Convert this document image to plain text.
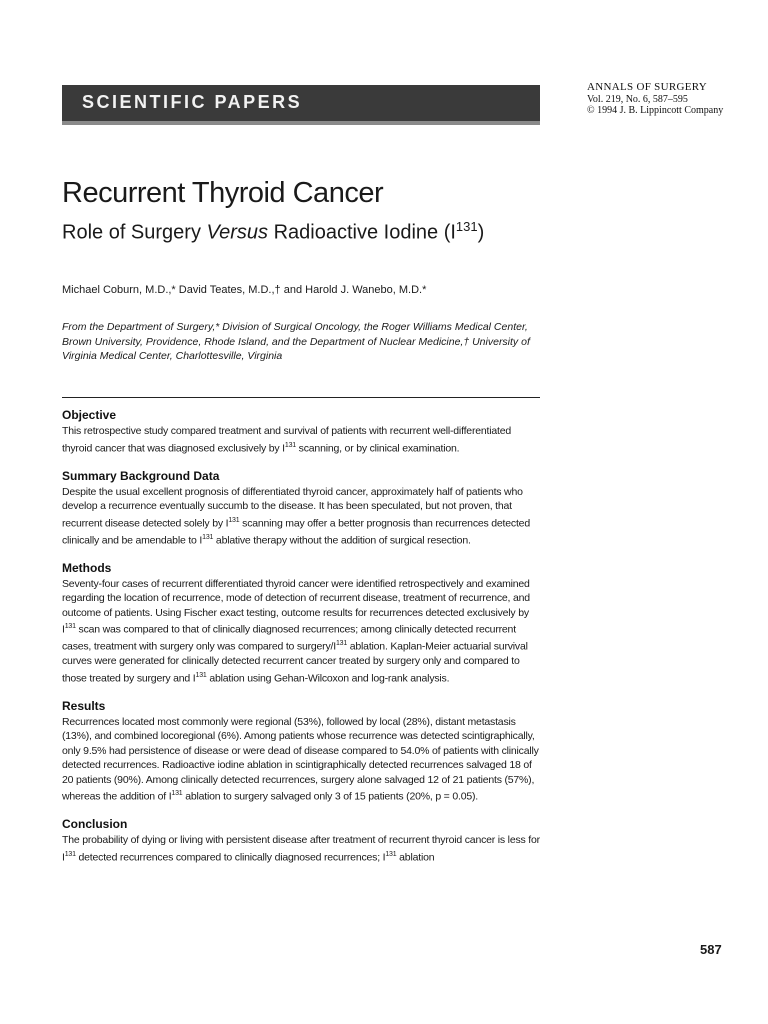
SCIENTIFIC PAPERS
ANNALS OF SURGERY
Vol. 219, No. 6, 587–595
© 1994 J. B. Lippincott Company
Recurrent Thyroid Cancer
Role of Surgery Versus Radioactive Iodine $(I^{131})$
Michael Coburn, M.D.,* David Teates, M.D.,† and Harold J. Wanebo, M.D.*
From the Department of Surgery,* Division of Surgical Oncology, the Roger Williams Medical Center, Brown University, Providence, Rhode Island, and the Department of Nuclear Medicine,† University of Virginia Medical Center, Charlottesville, Virginia
Objective

This retrospective study compared treatment and survival of patients with recurrent well-differentiated thyroid cancer that was diagnosed exclusively by $I^{131}$ scanning, or by clinical examination.

Summary Background Data

Despite the usual excellent prognosis of differentiated thyroid cancer, approximately half of patients who develop a recurrence eventually succumb to the disease. It has been speculated, but not proven, that recurrent disease detected solely by $I^{131}$ scanning may offer a better prognosis than recurrences detected clinically and be amendable to $I^{131}$ ablative therapy without the addition of surgical resection.

Methods

Seventy-four cases of recurrent differentiated thyroid cancer were identified retrospectively and examined regarding the location of recurrence, mode of detection of recurrent disease, treatment of recurrence, and outcome of patients. Using Fischer exact testing, outcome results for recurrences detected exclusively by $I^{131}$ scan was compared to that of clinically diagnosed recurrences; among clinically detected recurrent cases, treatment with surgery only was compared to surgery/$I^{131}$ ablation. Kaplan-Meier actuarial survival curves were generated for clinically detected recurrent cancer treated by surgery only and compared to those treated by surgery and $I^{131}$ ablation using Gehan-Wilcoxon and log-rank analysis.

Results

Recurrences located most commonly were regional (53%), followed by local (28%), distant metastasis (13%), and combined locoregional (6%). Among patients whose recurrence was detected scintigraphically, only 9.5% had persistence of disease or were dead of disease compared to 54.0% of patients with clinically detected recurrences. Radioactive iodine ablation in scintigraphically detected recurrences salvaged 18 of 20 patients (90%). Among clinically detected recurrences, surgery alone salvaged 12 of 21 patients (57%), whereas the addition of $I^{131}$ ablation to surgery salvaged only 3 of 15 patients (20%, p = 0.05).

Conclusion

The probability of dying or living with persistent disease after treatment of recurrent thyroid cancer is less for $I^{131}$ detected recurrences compared to clinically diagnosed recurrences; $I^{131}$ ablation

587
